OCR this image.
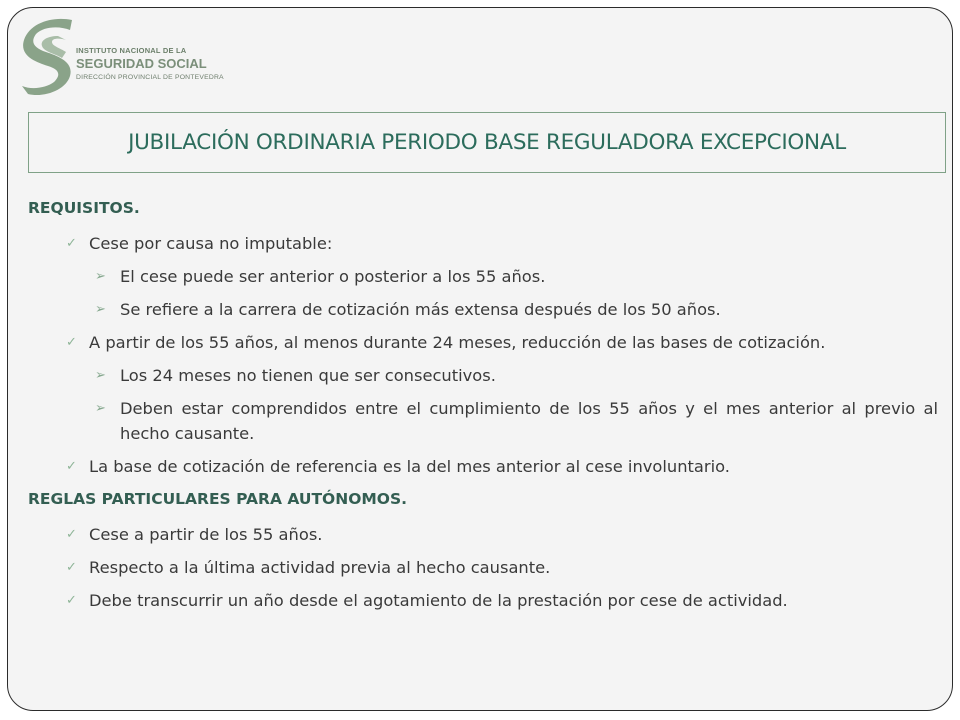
INSTITUTO NACIONAL DE LA
SEGURIDAD SOCIAL
DIRECCIÓN PROVINCIAL DE PONTEVEDRA
JUBILACIÓN ORDINARIA PERIODO BASE REGULADORA EXCEPCIONAL
REQUISITOS.
✓ Cese por causa no imputable:
➢ El cese puede ser anterior o posterior a los 55 años.
➢ Se refiere a la carrera de cotización más extensa después de los 50 años.
✓ A partir de los 55 años, al menos durante 24 meses, reducción de las bases de cotización.
➢ Los 24 meses no tienen que ser consecutivos.
➢ Deben estar comprendidos entre el cumplimiento de los 55 años y el mes anterior al previo al hecho causante.
✓ La base de cotización de referencia es la del mes anterior al cese involuntario.
REGLAS PARTICULARES PARA AUTÓNOMOS.
✓ Cese a partir de los 55 años.
✓ Respecto a la última actividad previa al hecho causante.
✓ Debe transcurrir un año desde el agotamiento de la prestación por cese de actividad.
